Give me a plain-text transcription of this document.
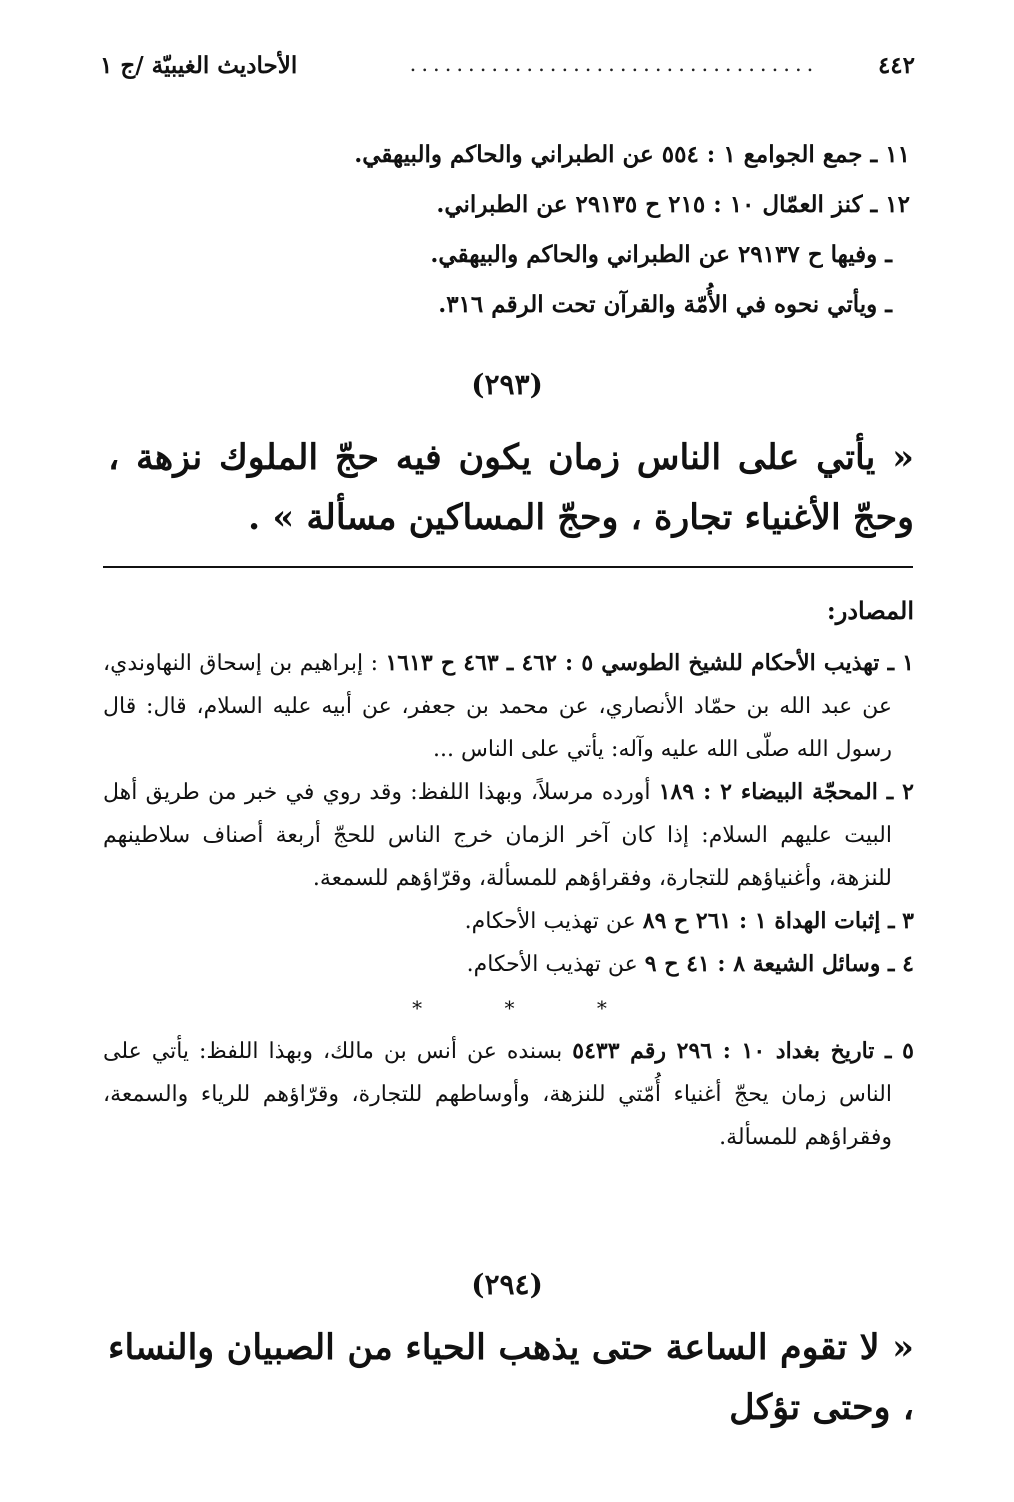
٤٤٢
...................................
الأحاديث الغيبيّة /ج ١
١١ ـ جمع الجوامع ١ : ٥٥٤ عن الطبراني والحاكم والبيهقي.
١٢ ـ كنز العمّال ١٠ : ٢١٥ ح ٢٩١٣٥ عن الطبراني.
ـ وفيها ح ٢٩١٣٧ عن الطبراني والحاكم والبيهقي.
ـ ويأتي نحوه في الأُمّة والقرآن تحت الرقم ٣١٦.
(٢٩٣)
« يأتي على الناس زمان يكون فيه حجّ الملوك نزهة ، وحجّ الأغنياء تجارة ، وحجّ المساكين مسألة » .
المصادر:

١ ـ تهذيب الأحكام للشيخ الطوسي ٥ : ٤٦٢ ـ ٤٦٣ ح ١٦١٣ : إبراهيم بن إسحاق النهاوندي، عن عبد الله بن حمّاد الأنصاري، عن محمد بن جعفر، عن أبيه عليه السلام، قال: قال رسول الله صلّى الله عليه وآله: يأتي على الناس ...

٢ ـ المحجّة البيضاء ٢ : ١٨٩ أورده مرسلاً، وبهذا اللفظ: وقد روي في خبر من طريق أهل البيت عليهم السلام: إذا كان آخر الزمان خرج الناس للحجّ أربعة أصناف سلاطينهم للنزهة، وأغنياؤهم للتجارة، وفقراؤهم للمسألة، وقرّاؤهم للسمعة.

٣ ـ إثبات الهداة ١ : ٢٦١ ح ٨٩ عن تهذيب الأحكام.

٤ ـ وسائل الشيعة ٨ : ٤١ ح ٩ عن تهذيب الأحكام.

* * *

٥ ـ تاريخ بغداد ١٠ : ٢٩٦ رقم ٥٤٣٣ بسنده عن أنس بن مالك، وبهذا اللفظ: يأتي على الناس زمان يحجّ أغنياء أُمّتي للنزهة، وأوساطهم للتجارة، وقرّاؤهم للرياء والسمعة، وفقراؤهم للمسألة.

(٢٩٤)
« لا تقوم الساعة حتى يذهب الحياء من الصبيان والنساء ، وحتى تؤكل
